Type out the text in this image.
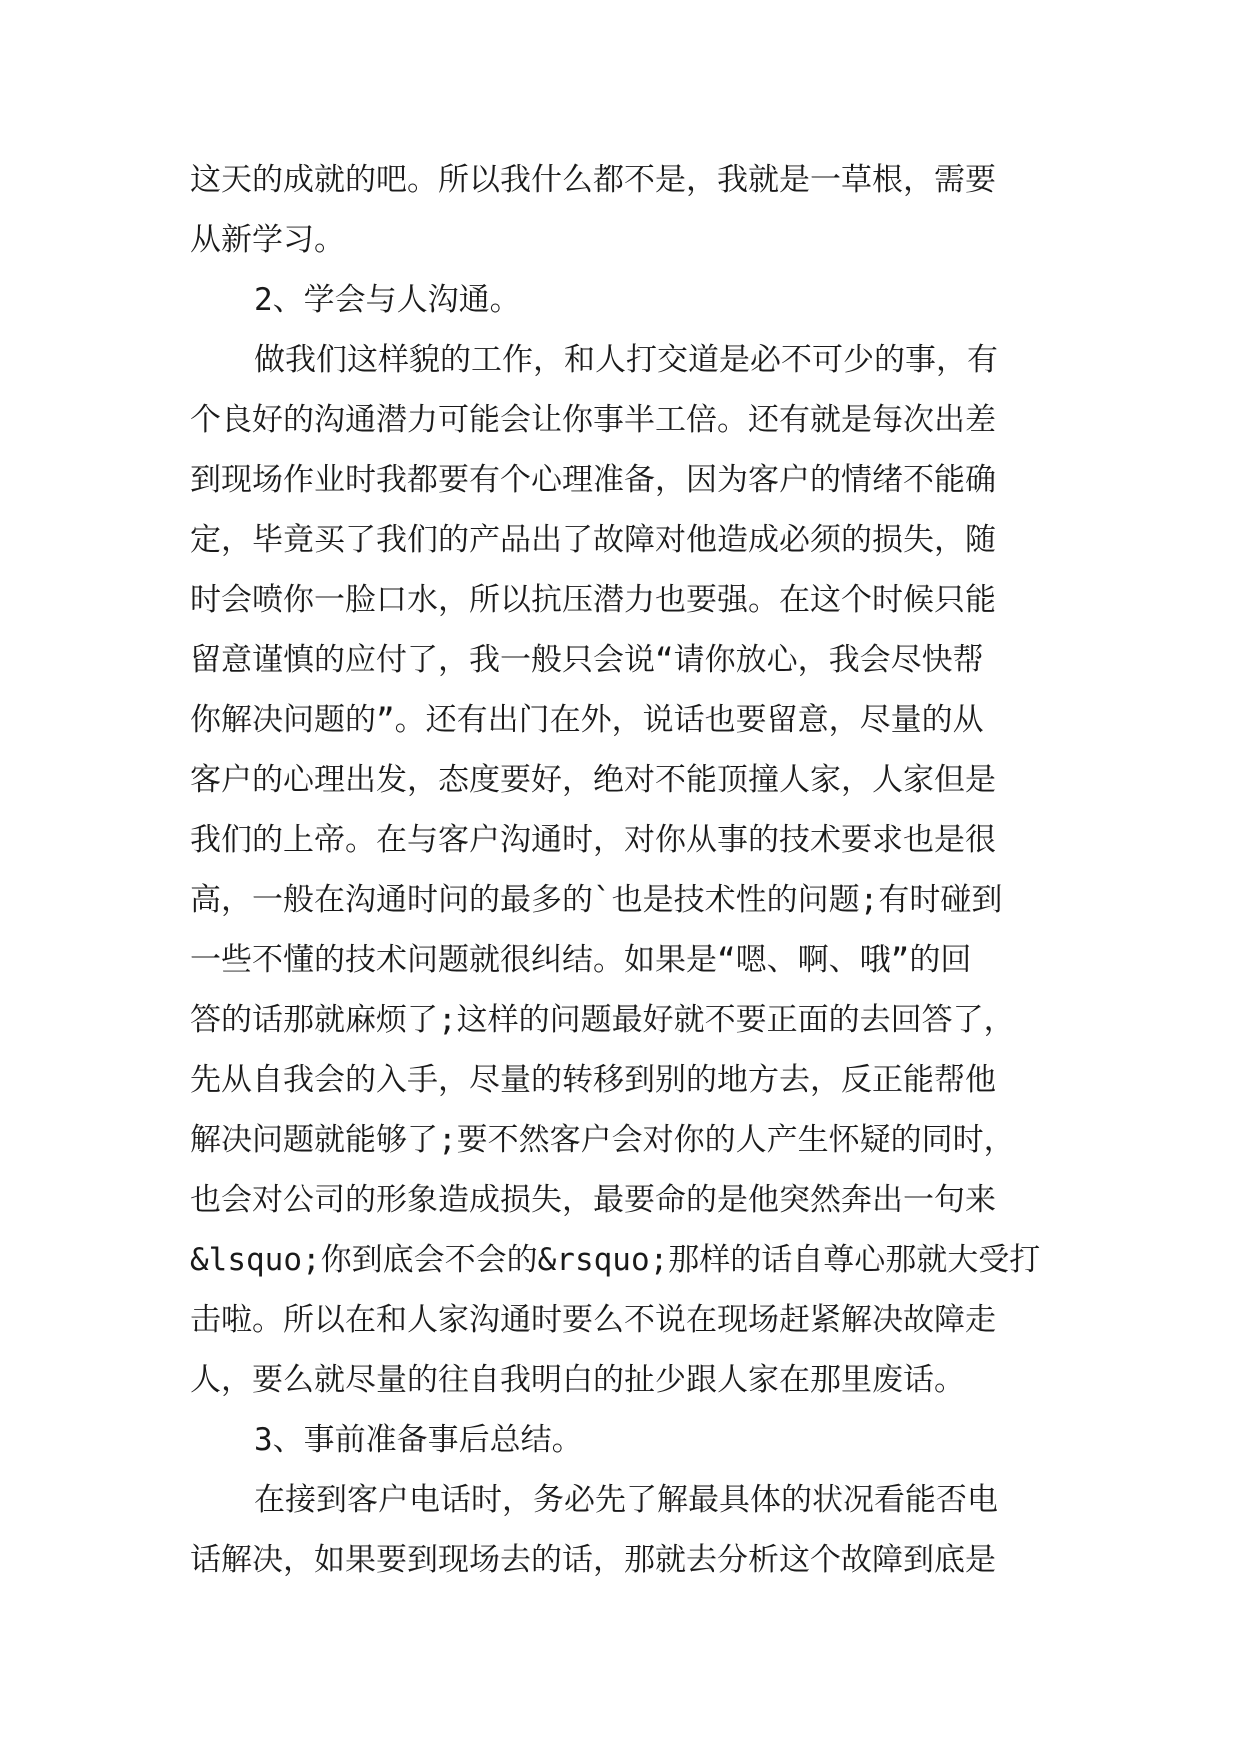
这天的成就的吧。所以我什么都不是，我就是一草根，需要
从新学习。
2、学会与人沟通。
做我们这样貌的工作，和人打交道是必不可少的事，有
个良好的沟通潜力可能会让你事半工倍。还有就是每次出差
到现场作业时我都要有个心理准备，因为客户的情绪不能确
定，毕竟买了我们的产品出了故障对他造成必须的损失，随
时会喷你一脸口水，所以抗压潜力也要强。在这个时候只能
留意谨慎的应付了，我一般只会说“请你放心，我会尽快帮
你解决问题的”。还有出门在外，说话也要留意，尽量的从
客户的心理出发，态度要好，绝对不能顶撞人家，人家但是
我们的上帝。在与客户沟通时，对你从事的技术要求也是很
高，一般在沟通时问的最多的`也是技术性的问题;有时碰到
一些不懂的技术问题就很纠结。如果是“嗯、啊、哦”的回
答的话那就麻烦了;这样的问题最好就不要正面的去回答了，
先从自我会的入手，尽量的转移到别的地方去，反正能帮他
解决问题就能够了;要不然客户会对你的人产生怀疑的同时，
也会对公司的形象造成损失，最要命的是他突然奔出一句来
&lsquo;你到底会不会的&rsquo;那样的话自尊心那就大受打
击啦。所以在和人家沟通时要么不说在现场赶紧解决故障走
人，要么就尽量的往自我明白的扯少跟人家在那里废话。
3、事前准备事后总结。
在接到客户电话时，务必先了解最具体的状况看能否电
话解决，如果要到现场去的话，那就去分析这个故障到底是
